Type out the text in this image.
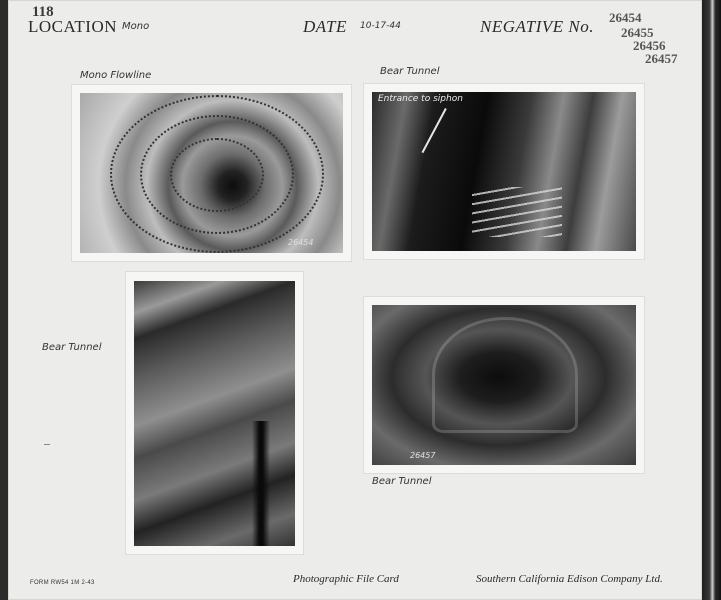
118
LOCATION Mono	DATE 10-17-44	NEGATIVE No. 26454
26455
26456
26457
Mono Flowline
26454
Bear Tunnel
Entrance to siphon
Bear Tunnel
26457
Bear Tunnel
FORM RW54 1M 2-43	Photographic File Card	Southern California Edison Company Ltd.
